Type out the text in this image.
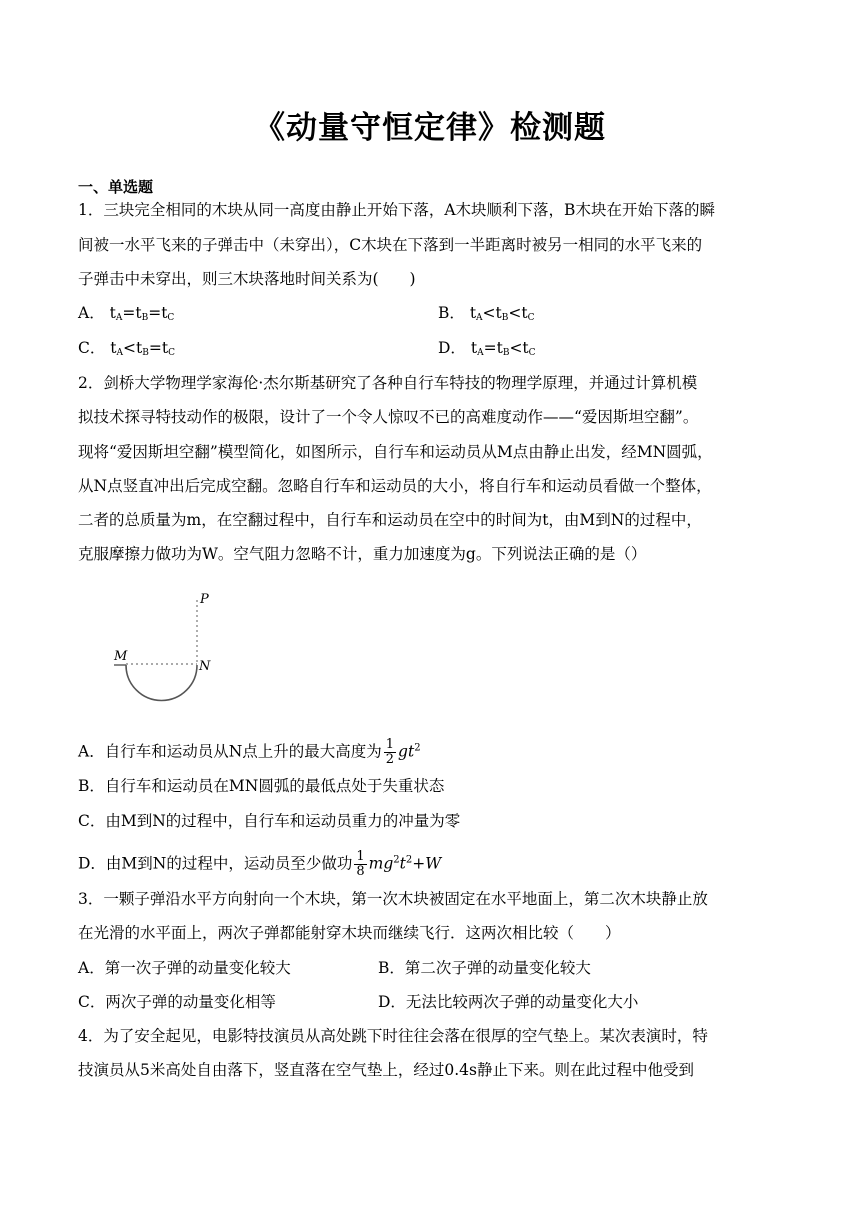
《动量守恒定律》检测题
一、单选题
1．三块完全相同的木块从同一高度由静止开始下落，A木块顺利下落，B木块在开始下落的瞬
间被一水平飞来的子弹击中（未穿出），C木块在下落到一半距离时被另一相同的水平飞来的
子弹击中未穿出，则三木块落地时间关系为(　　)
A． $t_A=t_B=t_C$	B． $t_A<t_B<t_C$
C． $t_A<t_B=t_C$	D． $t_A=t_B<t_C$
2．剑桥大学物理学家海伦·杰尔斯基研究了各种自行车特技的物理学原理，并通过计算机模
拟技术探寻特技动作的极限，设计了一个令人惊叹不已的高难度动作——“爱因斯坦空翻”。
现将“爱因斯坦空翻”模型简化，如图所示，自行车和运动员从M点由静止出发，经MN圆弧，
从N点竖直冲出后完成空翻。忽略自行车和运动员的大小，将自行车和运动员看做一个整体，
二者的总质量为m，在空翻过程中，自行车和运动员在空中的时间为t，由M到N的过程中，
克服摩擦力做功为W。空气阻力忽略不计，重力加速度为g。下列说法正确的是（）
P
M
N
A．自行车和运动员从N点上升的最大高度为 $\frac{1}{2} gt^2$
B．自行车和运动员在MN圆弧的最低点处于失重状态
C．由M到N的过程中，自行车和运动员重力的冲量为零
D．由M到N的过程中，运动员至少做功 $\frac{1}{8} mg^2t^2+W$
3．一颗子弹沿水平方向射向一个木块，第一次木块被固定在水平地面上，第二次木块静止放
在光滑的水平面上，两次子弹都能射穿木块而继续飞行．这两次相比较（　　）
A．第一次子弹的动量变化较大	B．第二次子弹的动量变化较大
C．两次子弹的动量变化相等	D．无法比较两次子弹的动量变化大小
4．为了安全起见，电影特技演员从高处跳下时往往会落在很厚的空气垫上。某次表演时，特
技演员从5米高处自由落下，竖直落在空气垫上，经过0.4s静止下来。则在此过程中他受到
